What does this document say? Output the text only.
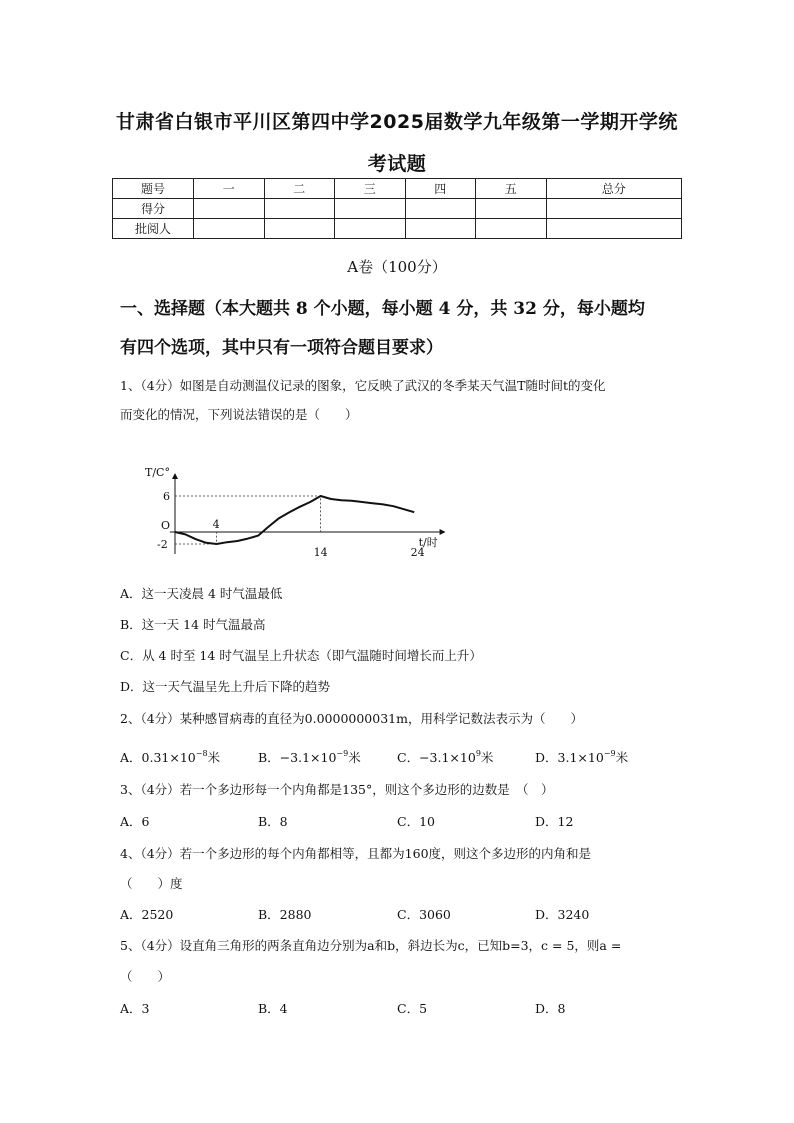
甘肃省白银市平川区第四中学2025届数学九年级第一学期开学统
考试题
题号	一	二	三	四	五	总分
得分						
批阅人						
A卷（100分）
一、选择题（本大题共 8 个小题，每小题 4 分，共 32 分，每小题均
有四个选项，其中只有一项符合题目要求）
1、（4分）如图是自动测温仪记录的图象，它反映了武汉的冬季某天气温T随时间t的变化
而变化的情况，下列说法错误的是（　　）
T/C°
t/时
O
6
-2
4
14	24
A．这一天凌晨 4 时气温最低
B．这一天 14 时气温最高
C．从 4 时至 14 时气温呈上升状态（即气温随时间增长而上升）
D．这一天气温呈先上升后下降的趋势
2、（4分）某种感冒病毒的直径为0.0000000031m，用科学记数法表示为（　　）
A．$0.31\times 10^{-8}$米	B．$-3.1\times 10^{-9}$米	C．$-3.1\times 10^9$米	D．$3.1\times 10^{-9}$米
3、（4分）若一个多边形每一个内角都是135°，则这个多边形的边数是　（　）
A．6	B．8	C．10	D．12
4、（4分）若一个多边形的每个内角都相等，且都为160度，则这个多边形的内角和是
（　　）度
A．2520	B．2880	C．3060	D．3240
5、（4分）设直角三角形的两条直角边分别为a和b，斜边长为c，已知b=3，c = 5，则a =
（　　）
A．3	B．4	C．5	D．8
